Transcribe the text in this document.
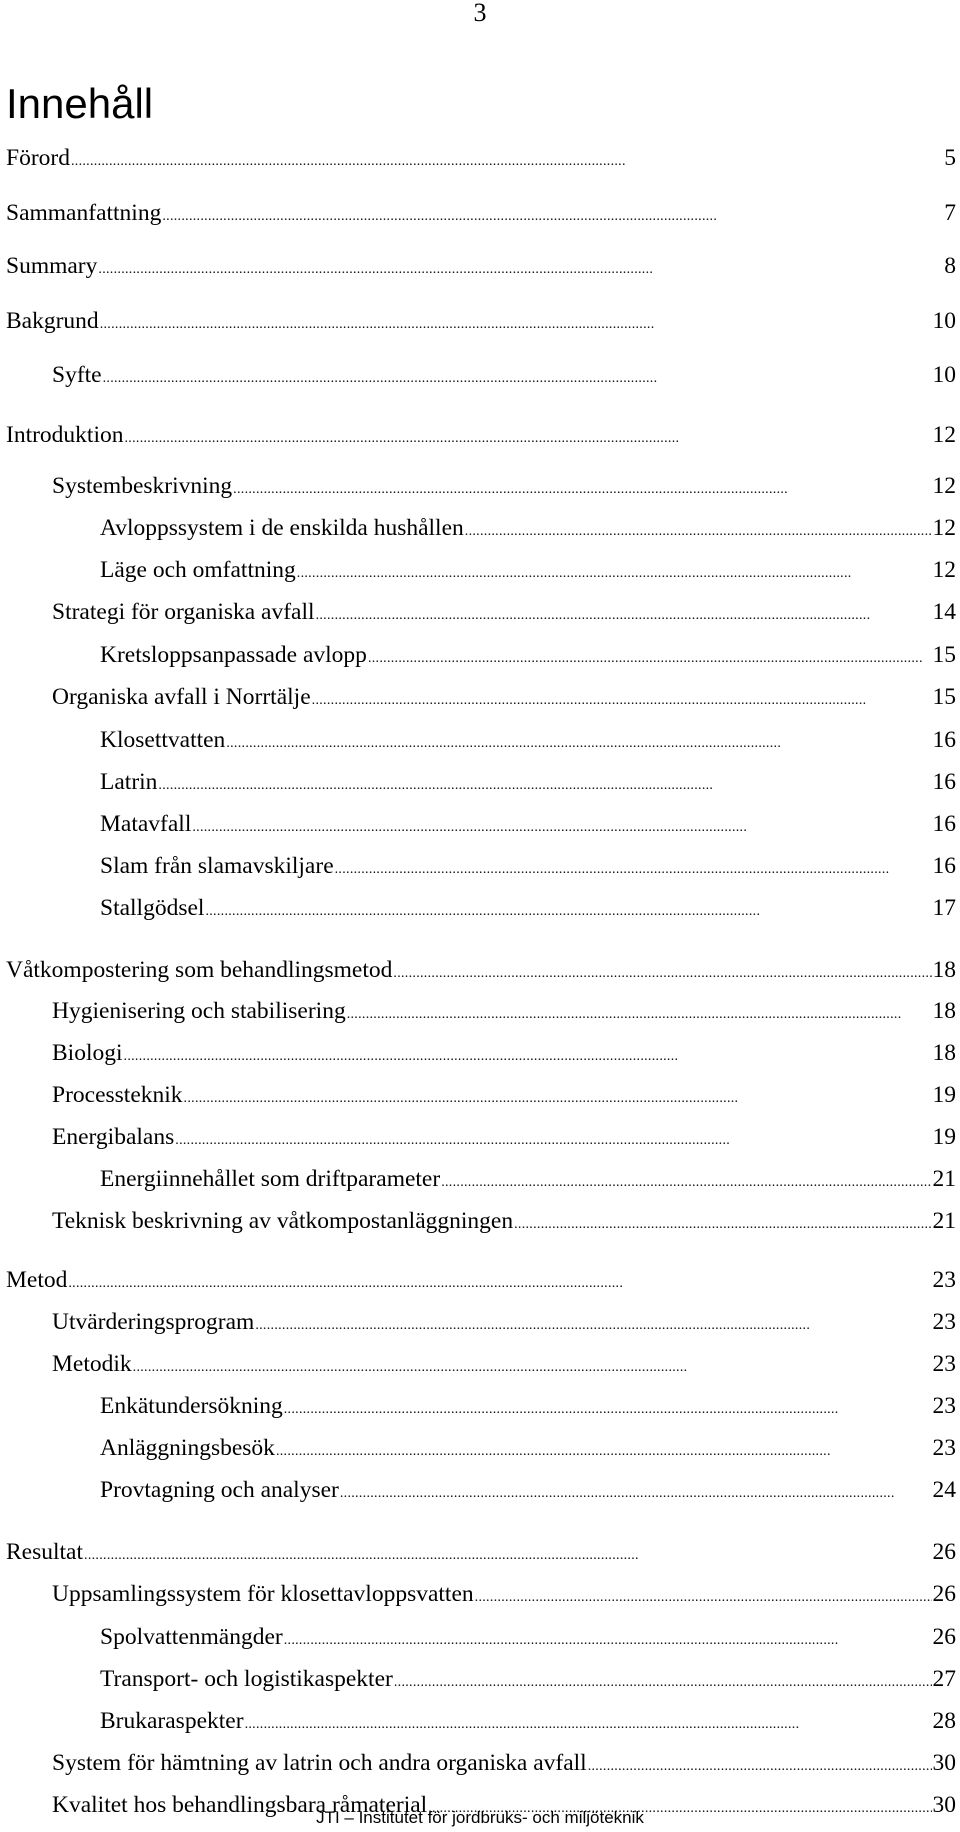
3
Innehåll
Förord . . .	5
Sammanfattning . . .	7
Summary . . .	8
Bakgrund . . .	10
Syfte . . .	10
Introduktion . . .	12
Systembeskrivning . . .	12
Avloppssystem i de enskilda hushållen . . .	12
Läge och omfattning . . .	12
Strategi för organiska avfall . . .	14
Kretsloppsanpassade avlopp . . .	15
Organiska avfall i Norrtälje . . .	15
Klosettvatten . . .	16
Latrin . . .	16
Matavfall . . .	16
Slam från slamavskiljare . . .	16
Stallgödsel . . .	17
Våtkompostering som behandlingsmetod . . .	18
Hygienisering och stabilisering . . .	18
Biologi . . .	18
Processteknik . . .	19
Energibalans . . .	19
Energiinnehållet som driftparameter . . .	21
Teknisk beskrivning av våtkompostanläggningen . . .	21
Metod . . .	23
Utvärderingsprogram . . .	23
Metodik . . .	23
Enkätundersökning . . .	23
Anläggningsbesök . . .	23
Provtagning och analyser . . .	24
Resultat . . .	26
Uppsamlingssystem för klosettavloppsvatten . . .	26
Spolvattenmängder . . .	26
Transport- och logistikaspekter . . .	27
Brukaraspekter . . .	28
System för hämtning av latrin och andra organiska avfall . . .	30
Kvalitet hos behandlingsbara råmaterial . . .	30
JTI – Institutet för jordbruks- och miljöteknik
